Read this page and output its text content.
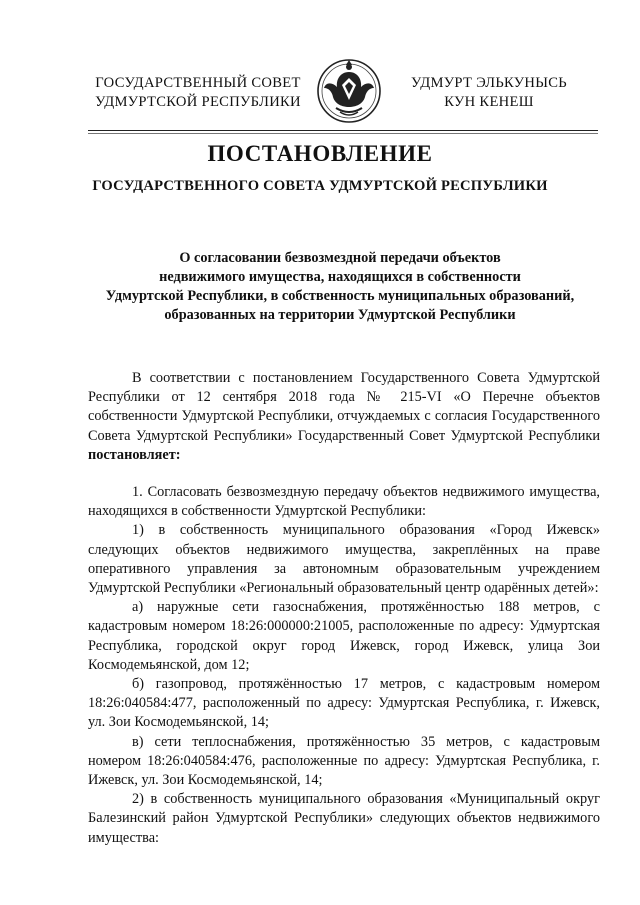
ГОСУДАРСТВЕННЫЙ СОВЕТ
УДМУРТСКОЙ РЕСПУБЛИКИ
УДМУРТ ЭЛЬКУНЫСЬ
КУН КЕНЕШ
ПОСТАНОВЛЕНИЕ
ГОСУДАРСТВЕННОГО СОВЕТА УДМУРТСКОЙ РЕСПУБЛИКИ
О согласовании безвозмездной передачи объектов
недвижимого имущества, находящихся в собственности
Удмуртской Республики, в собственность муниципальных образований,
образованных на территории Удмуртской Республики

В соответствии с постановлением Государственного Совета Удмуртской Республики от 12 сентября 2018 года № 215-VI «О Перечне объектов собственности Удмуртской Республики, отчуждаемых с согласия Государственного Совета Удмуртской Республики» Государственный Совет Удмуртской Республики постановляет:

1. Согласовать безвозмездную передачу объектов недвижимого имущества, находящихся в собственности Удмуртской Республики:

1) в собственность муниципального образования «Город Ижевск» следующих объектов недвижимого имущества, закреплённых на праве оперативного управления за автономным образовательным учреждением Удмуртской Республики «Региональный образовательный центр одарённых детей»:

а) наружные сети газоснабжения, протяжённостью 188 метров, с кадастровым номером 18:26:000000:21005, расположенные по адресу: Удмуртская Республика, городской округ город Ижевск, город Ижевск, улица Зои Космодемьянской, дом 12;

б) газопровод, протяжённостью 17 метров, с кадастровым номером 18:26:040584:477, расположенный по адресу: Удмуртская Республика, г. Ижевск, ул. Зои Космодемьянской, 14;

в) сети теплоснабжения, протяжённостью 35 метров, с кадастровым номером 18:26:040584:476, расположенные по адресу: Удмуртская Республика, г. Ижевск, ул. Зои Космодемьянской, 14;

2) в собственность муниципального образования «Муниципальный округ Балезинский район Удмуртской Республики» следующих объектов недвижимого имущества:
